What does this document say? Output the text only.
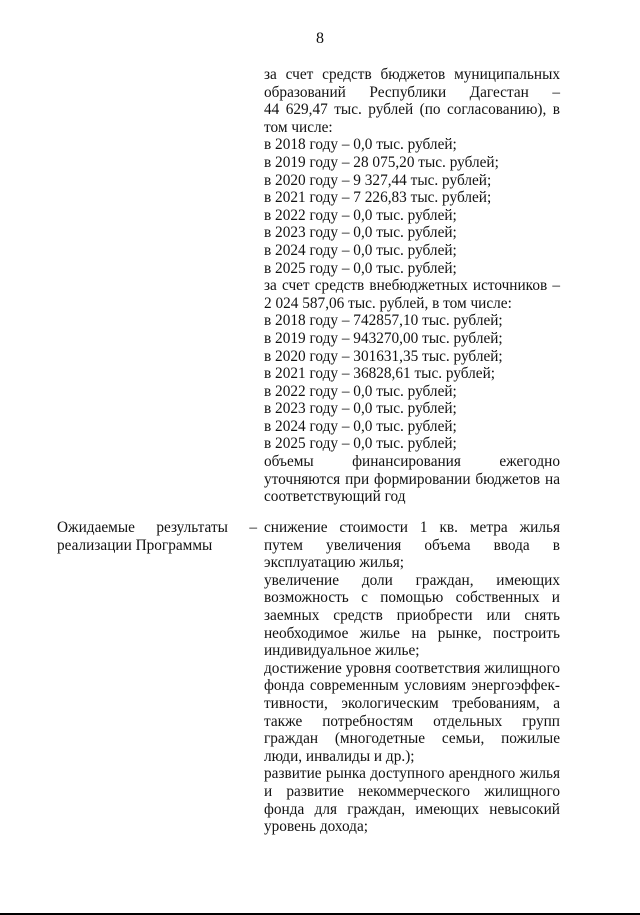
8
за счет средств бюджетов муниципальных
образований Республики Дагестан –
44 629,47 тыс. рублей (по согласованию), в
том числе:
в 2018 году – 0,0 тыс. рублей;
в 2019 году – 28 075,20 тыс. рублей;
в 2020 году – 9 327,44 тыс. рублей;
в 2021 году – 7 226,83 тыс. рублей;
в 2022 году – 0,0 тыс. рублей;
в 2023 году – 0,0 тыс. рублей;
в 2024 году – 0,0 тыс. рублей;
в 2025 году – 0,0 тыс. рублей;
за счет средств внебюджетных источников –
2 024 587,06 тыс. рублей, в том числе:
в 2018 году – 742857,10 тыс. рублей;
в 2019 году – 943270,00 тыс. рублей;
в 2020 году – 301631,35 тыс. рублей;
в 2021 году – 36828,61 тыс. рублей;
в 2022 году – 0,0 тыс. рублей;
в 2023 году – 0,0 тыс. рублей;
в 2024 году – 0,0 тыс. рублей;
в 2025 году – 0,0 тыс. рублей;
объемы финансирования ежегодно
уточняются при формировании бюджетов на
соответствующий год
Ожидаемые результаты –
реализации Программы
снижение стоимости 1 кв. метра жилья
путем увеличения объема ввода в
эксплуатацию жилья;
увеличение доли граждан, имеющих
возможность с помощью собственных и
заемных средств приобрести или снять
необходимое жилье на рынке, построить
индивидуальное жилье;
достижение уровня соответствия жилищного
фонда современным условиям энергоэффек-
тивности, экологическим требованиям, а
также потребностям отдельных групп
граждан (многодетные семьи, пожилые
люди, инвалиды и др.);
развитие рынка доступного арендного жилья
и развитие некоммерческого жилищного
фонда для граждан, имеющих невысокий
уровень дохода;
